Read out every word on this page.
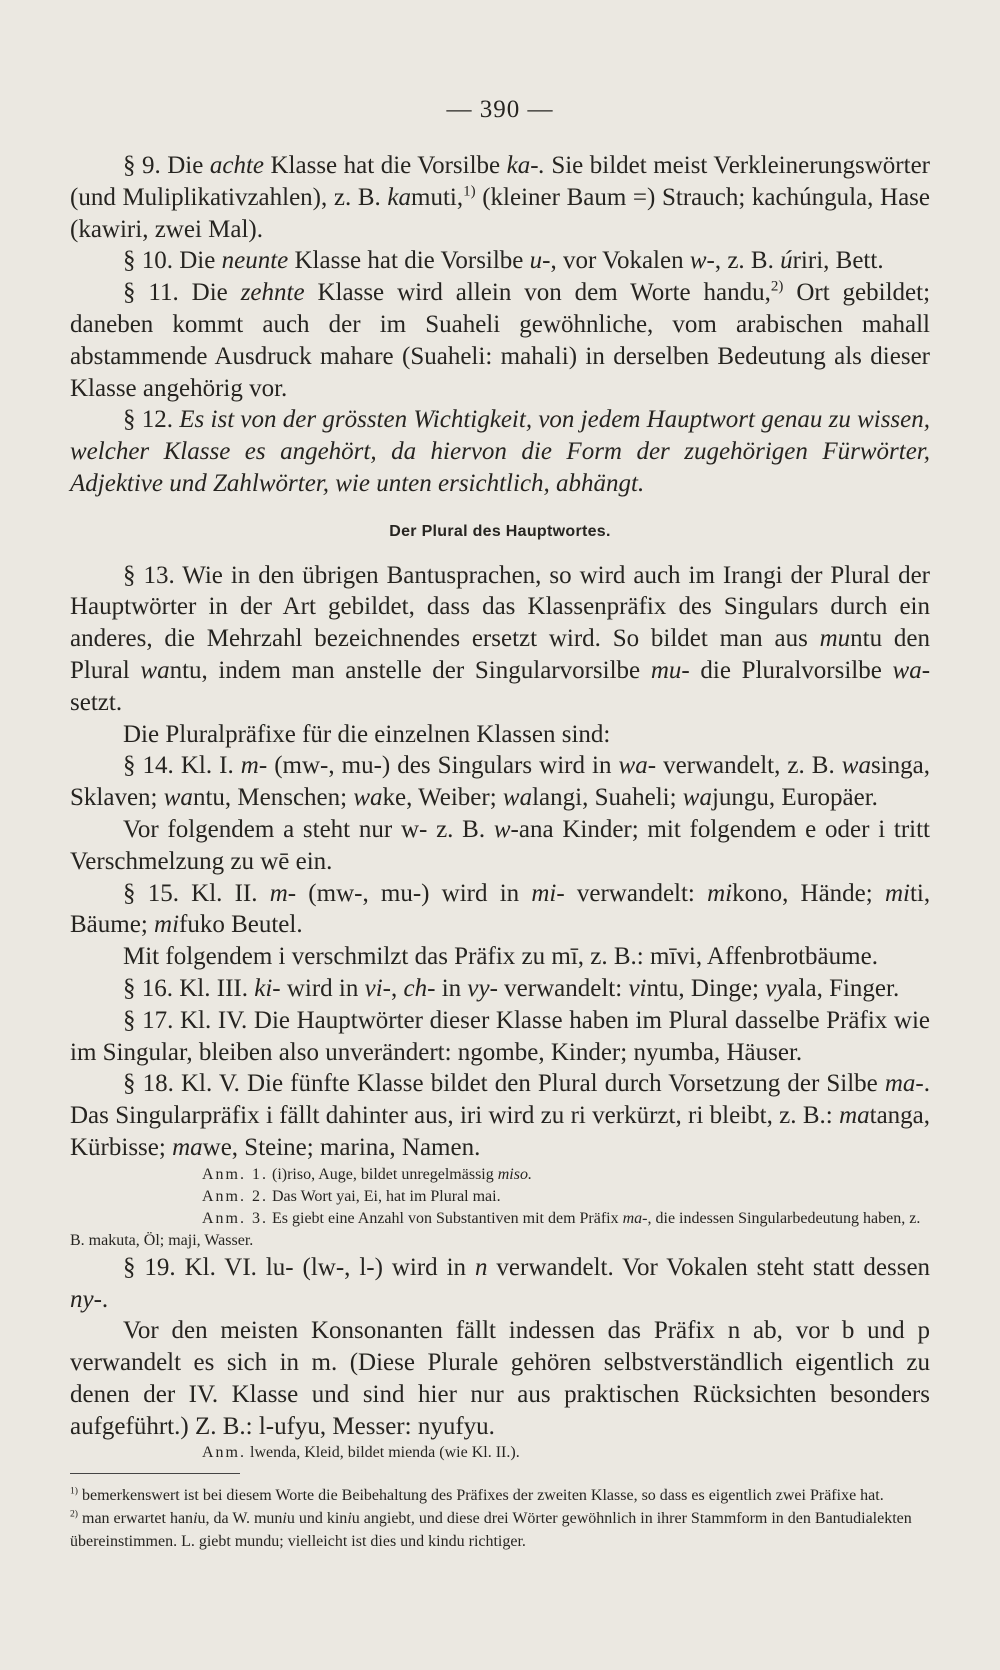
— 390 —

§ 9. Die achte Klasse hat die Vorsilbe ka-. Sie bildet meist Verkleinerungswörter (und Muliplikativzahlen), z. B. kamuti,$^{1)}$ (kleiner Baum =) Strauch; kachúngula, Hase (kawiri, zwei Mal).

§ 10. Die neunte Klasse hat die Vorsilbe u-, vor Vokalen w-, z. B. úriri, Bett.

§ 11. Die zehnte Klasse wird allein von dem Worte handu,$^{2)}$ Ort gebildet; daneben kommt auch der im Suaheli gewöhnliche, vom arabischen mahall abstammende Ausdruck mahare (Suaheli: mahali) in derselben Bedeutung als dieser Klasse angehörig vor.

§ 12. Es ist von der grössten Wichtigkeit, von jedem Hauptwort genau zu wissen, welcher Klasse es angehört, da hiervon die Form der zugehörigen Fürwörter, Adjektive und Zahlwörter, wie unten ersichtlich, abhängt.

Der Plural des Hauptwortes.

§ 13. Wie in den übrigen Bantusprachen, so wird auch im Irangi der Plural der Hauptwörter in der Art gebildet, dass das Klassenpräfix des Singulars durch ein anderes, die Mehrzahl bezeichnendes ersetzt wird. So bildet man aus muntu den Plural wantu, indem man anstelle der Singularvorsilbe mu- die Pluralvorsilbe wa- setzt.

Die Pluralpräfixe für die einzelnen Klassen sind:

§ 14. Kl. I. m- (mw-, mu-) des Singulars wird in wa- verwandelt, z. B. wasinga, Sklaven; wantu, Menschen; wake, Weiber; walangi, Suaheli; wajungu, Europäer.

Vor folgendem a steht nur w- z. B. w-ana Kinder; mit folgendem e oder i tritt Verschmelzung zu wē ein.

§ 15. Kl. II. m- (mw-, mu-) wird in mi- verwandelt: mikono, Hände; miti, Bäume; mifuko Beutel.

Mit folgendem i verschmilzt das Präfix zu mī, z. B.: mīvi, Affenbrotbäume.

§ 16. Kl. III. ki- wird in vi-, ch- in vy- verwandelt: vintu, Dinge; vyala, Finger.

§ 17. Kl. IV. Die Hauptwörter dieser Klasse haben im Plural dasselbe Präfix wie im Singular, bleiben also unverändert: ngombe, Kinder; nyumba, Häuser.

§ 18. Kl. V. Die fünfte Klasse bildet den Plural durch Vorsetzung der Silbe ma-. Das Singularpräfix i fällt dahinter aus, iri wird zu ri verkürzt, ri bleibt, z. B.: matanga, Kürbisse; mawe, Steine; marina, Namen.

Anm. 1. (i)riso, Auge, bildet unregelmässig miso.

Anm. 2. Das Wort yai, Ei, hat im Plural mai.

Anm. 3. Es giebt eine Anzahl von Substantiven mit dem Präfix ma-, die indessen Singularbedeutung haben, z. B. makuta, Öl; maji, Wasser.

§ 19. Kl. VI. lu- (lw-, l-) wird in n verwandelt. Vor Vokalen steht statt dessen ny-.

Vor den meisten Konsonanten fällt indessen das Präfix n ab, vor b und p verwandelt es sich in m. (Diese Plurale gehören selbstverständlich eigentlich zu denen der IV. Klasse und sind hier nur aus praktischen Rücksichten besonders aufgeführt.) Z. B.: l-ufyu, Messer: nyufyu.

Anm. lwenda, Kleid, bildet mienda (wie Kl. II.).

$^{1)}$ bemerkenswert ist bei diesem Worte die Beibehaltung des Präfixes der zweiten Klasse, so dass es eigentlich zwei Präfixe hat.

$^{2)}$ man erwartet haniu, da W. muniu und kiniu angiebt, und diese drei Wörter gewöhnlich in ihrer Stammform in den Bantudialekten übereinstimmen. L. giebt mundu; vielleicht ist dies und kindu richtiger.
